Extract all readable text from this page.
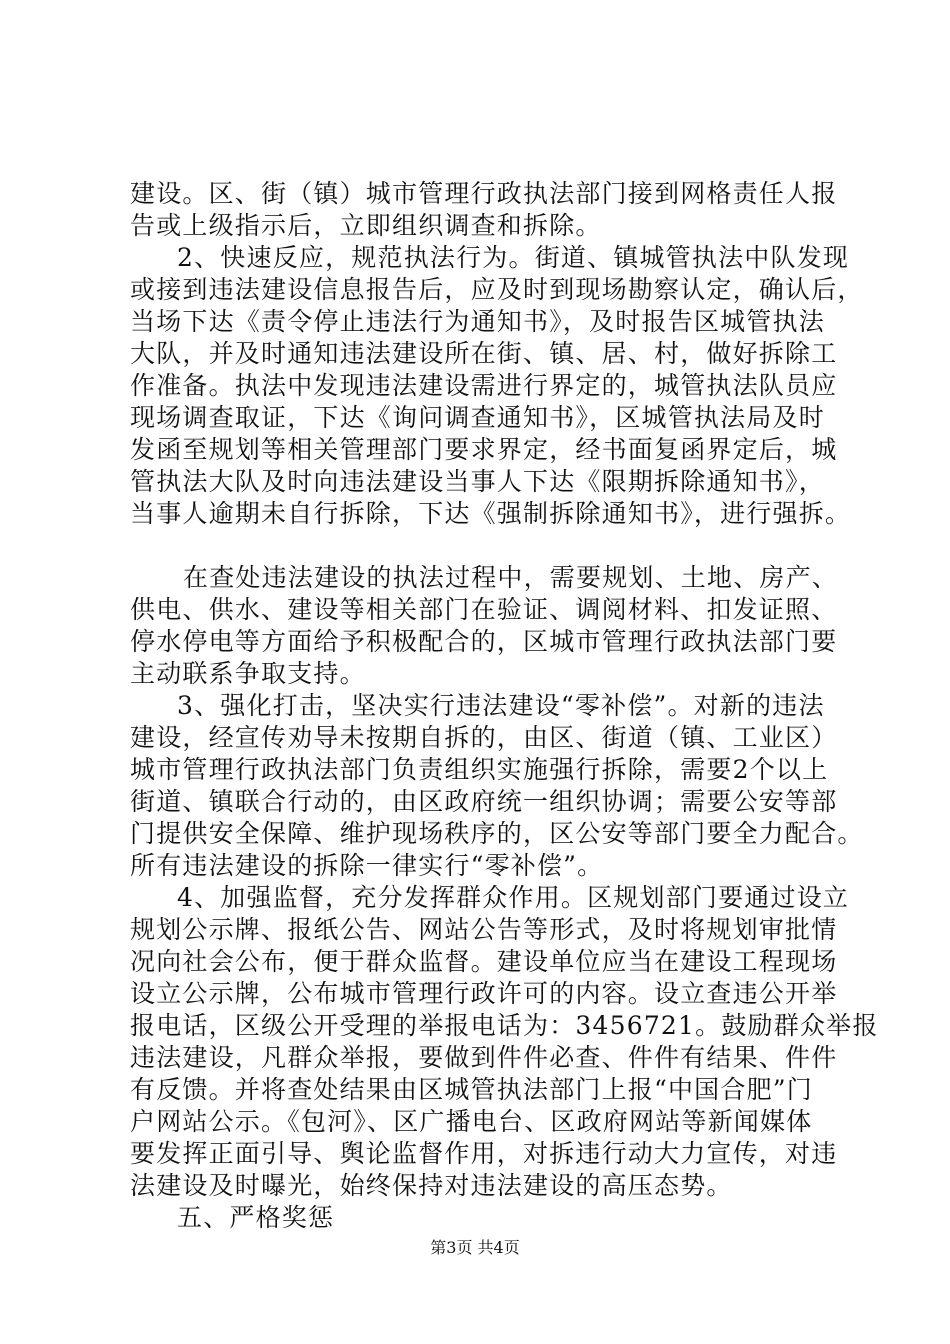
建设。区、街（镇）城市管理行政执法部门接到网格责任人报
告或上级指示后，立即组织调查和拆除。
2、快速反应，规范执法行为。街道、镇城管执法中队发现
或接到违法建设信息报告后，应及时到现场勘察认定，确认后，
当场下达《责令停止违法行为通知书》，及时报告区城管执法
大队，并及时通知违法建设所在街、镇、居、村，做好拆除工
作准备。执法中发现违法建设需进行界定的，城管执法队员应
现场调查取证，下达《询问调查通知书》，区城管执法局及时
发函至规划等相关管理部门要求界定，经书面复函界定后，城
管执法大队及时向违法建设当事人下达《限期拆除通知书》，
当事人逾期未自行拆除，下达《强制拆除通知书》，进行强拆。
在查处违法建设的执法过程中，需要规划、土地、房产、
供电、供水、建设等相关部门在验证、调阅材料、扣发证照、
停水停电等方面给予积极配合的，区城市管理行政执法部门要
主动联系争取支持。
3、强化打击，坚决实行违法建设“零补偿”。对新的违法
建设，经宣传劝导未按期自拆的，由区、街道（镇、工业区）
城市管理行政执法部门负责组织实施强行拆除，需要2个以上
街道、镇联合行动的，由区政府统一组织协调；需要公安等部
门提供安全保障、维护现场秩序的，区公安等部门要全力配合。
所有违法建设的拆除一律实行“零补偿”。
4、加强监督，充分发挥群众作用。区规划部门要通过设立
规划公示牌、报纸公告、网站公告等形式，及时将规划审批情
况向社会公布，便于群众监督。建设单位应当在建设工程现场
设立公示牌，公布城市管理行政许可的内容。设立查违公开举
报电话，区级公开受理的举报电话为：3456721。鼓励群众举报
违法建设，凡群众举报，要做到件件必查、件件有结果、件件
有反馈。并将查处结果由区城管执法部门上报“中国合肥”门
户网站公示。《包河》、区广播电台、区政府网站等新闻媒体
要发挥正面引导、舆论监督作用，对拆违行动大力宣传，对违
法建设及时曝光，始终保持对违法建设的高压态势。
五、严格奖惩
第3页 共4页
